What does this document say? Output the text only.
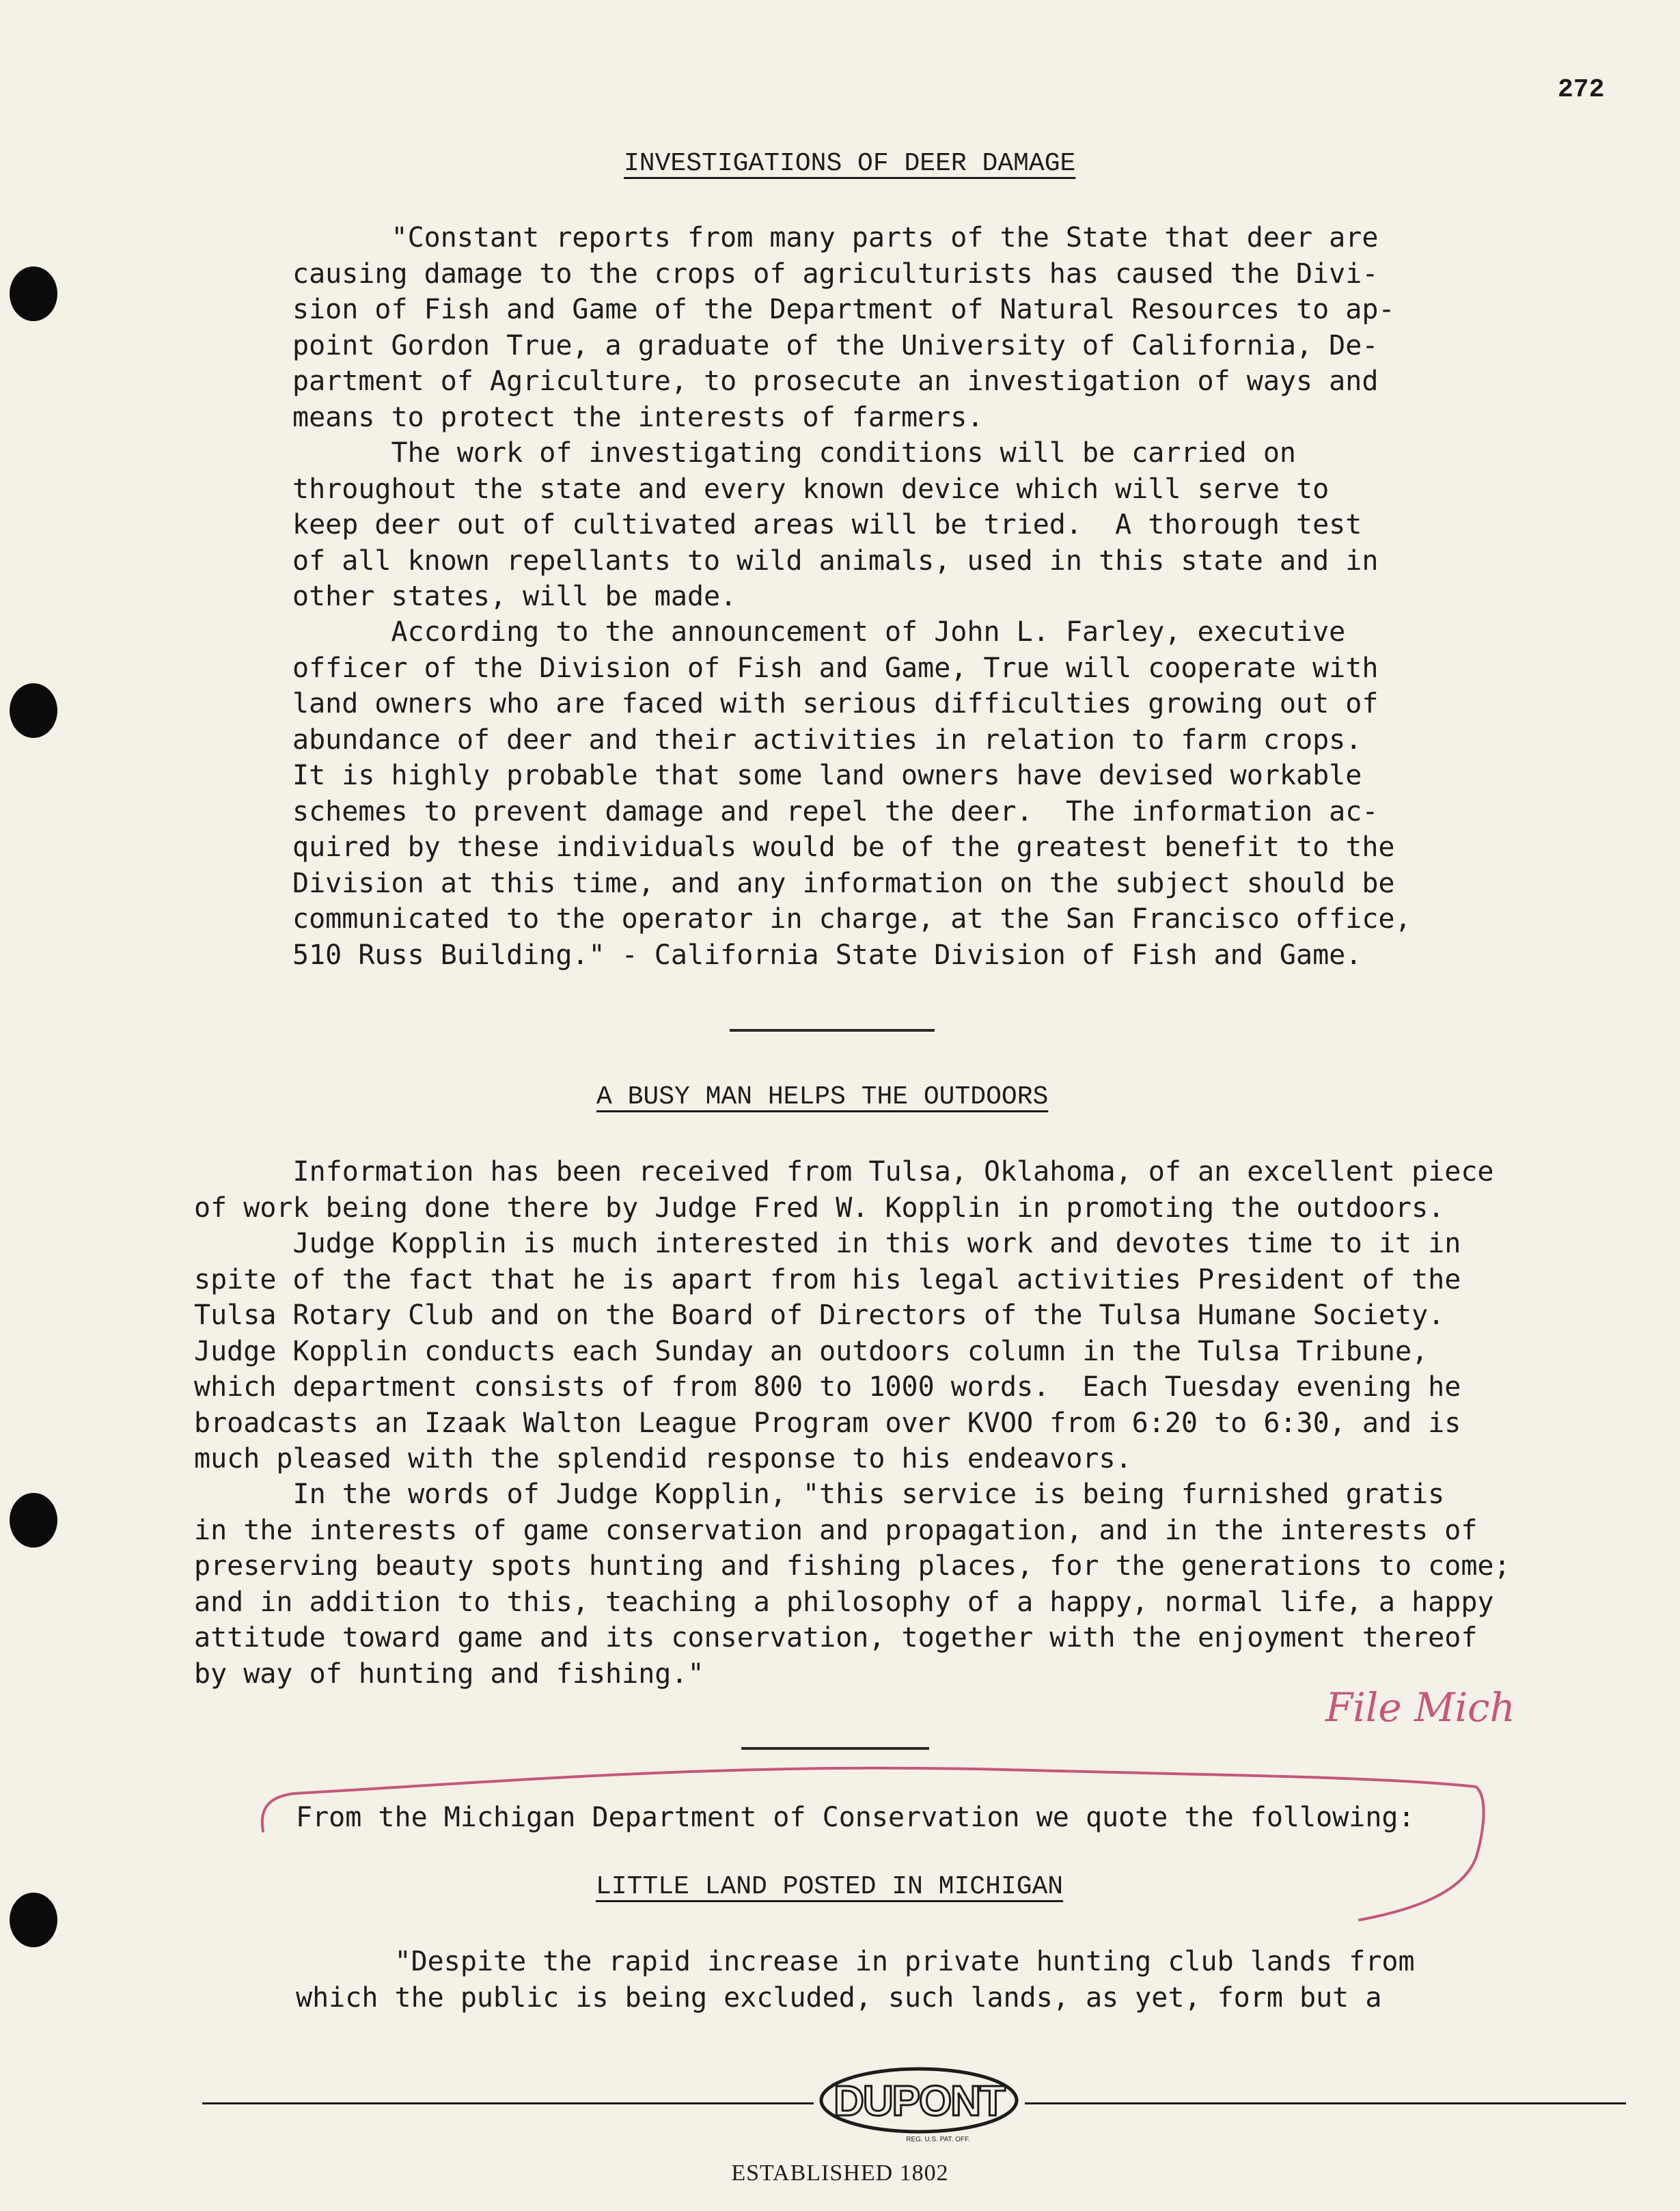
272
INVESTIGATIONS OF DEER DAMAGE
"Constant reports from many parts of the State that deer are
causing damage to the crops of agriculturists has caused the Divi-
sion of Fish and Game of the Department of Natural Resources to ap-
point Gordon True, a graduate of the University of California, De-
partment of Agriculture, to prosecute an investigation of ways and
means to protect the interests of farmers.
The work of investigating conditions will be carried on
throughout the state and every known device which will serve to
keep deer out of cultivated areas will be tried.  A thorough test
of all known repellants to wild animals, used in this state and in
other states, will be made.
According to the announcement of John L. Farley, executive
officer of the Division of Fish and Game, True will cooperate with
land owners who are faced with serious difficulties growing out of
abundance of deer and their activities in relation to farm crops.
It is highly probable that some land owners have devised workable
schemes to prevent damage and repel the deer.  The information ac-
quired by these individuals would be of the greatest benefit to the
Division at this time, and any information on the subject should be
communicated to the operator in charge, at the San Francisco office,
510 Russ Building." - California State Division of Fish and Game.
A BUSY MAN HELPS THE OUTDOORS
Information has been received from Tulsa, Oklahoma, of an excellent piece
of work being done there by Judge Fred W. Kopplin in promoting the outdoors.
Judge Kopplin is much interested in this work and devotes time to it in
spite of the fact that he is apart from his legal activities President of the
Tulsa Rotary Club and on the Board of Directors of the Tulsa Humane Society.
Judge Kopplin conducts each Sunday an outdoors column in the Tulsa Tribune,
which department consists of from 800 to 1000 words.  Each Tuesday evening he
broadcasts an Izaak Walton League Program over KVOO from 6:20 to 6:30, and is
much pleased with the splendid response to his endeavors.
In the words of Judge Kopplin, "this service is being furnished gratis
in the interests of game conservation and propagation, and in the interests of
preserving beauty spots hunting and fishing places, for the generations to come;
and in addition to this, teaching a philosophy of a happy, normal life, a happy
attitude toward game and its conservation, together with the enjoyment thereof
by way of hunting and fishing."
File Mich
From the Michigan Department of Conservation we quote the following:
LITTLE LAND POSTED IN MICHIGAN
"Despite the rapid increase in private hunting club lands from
which the public is being excluded, such lands, as yet, form but a
DUPONT
REG. U.S. PAT. OFF.
ESTABLISHED 1802
